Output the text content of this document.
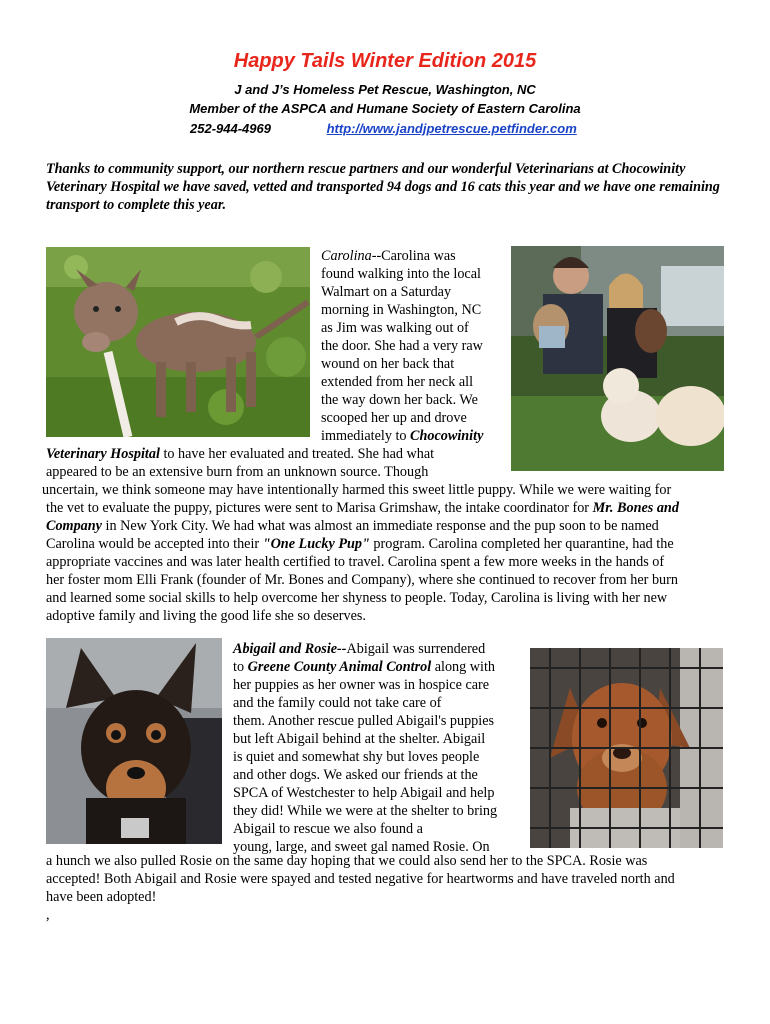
Happy Tails Winter Edition 2015
J and J’s Homeless Pet Rescue, Washington, NC
Member of the ASPCA and Humane Society of Eastern Carolina
252-944-4969	http://www.jandjpetrescue.petfinder.com
Thanks to community support, our northern rescue partners and our wonderful Veterinarians at Chocowinity Veterinary Hospital we have saved, vetted and transported 94 dogs and 16 cats this year and we have one remaining transport to complete this year.
Carolina--Carolina was
found walking into the local
Walmart on a Saturday
morning in Washington, NC
as Jim was walking out of
the door. She had a very raw
wound on her back that
extended from her neck all
the way down her back. We
scooped her up and drove
immediately to Chocowinity
Veterinary Hospital to have her evaluated and treated. She had what
appeared to be an extensive burn from an unknown source. Though
uncertain, we think someone may have intentionally harmed this sweet little puppy. While we were waiting for
the vet to evaluate the puppy, pictures were sent to Marisa Grimshaw, the intake coordinator for Mr. Bones and
Company in New York City. We had what was almost an immediate response and the pup soon to be named
Carolina would be accepted into their "One Lucky Pup" program. Carolina completed her quarantine, had the
appropriate vaccines and was later health certified to travel. Carolina spent a few more weeks in the hands of
her foster mom Elli Frank (founder of Mr. Bones and Company), where she continued to recover from her burn
and learned some social skills to help overcome her shyness to people. Today, Carolina is living with her new
adoptive family and living the good life she so deserves.
Abigail and Rosie--Abigail was surrendered
to Greene County Animal Control along with
her puppies as her owner was in hospice care
and the family could not take care of
them. Another rescue pulled Abigail's puppies
but left Abigail behind at the shelter. Abigail
is quiet and somewhat shy but loves people
and other dogs. We asked our friends at the
SPCA of Westchester to help Abigail and help
they did! While we were at the shelter to bring
Abigail to rescue we also found a
young, large, and sweet gal named Rosie. On
a hunch we also pulled Rosie on the same day hoping that we could also send her to the SPCA. Rosie was
accepted! Both Abigail and Rosie were spayed and tested negative for heartworms and have traveled north and
have been adopted!
,
